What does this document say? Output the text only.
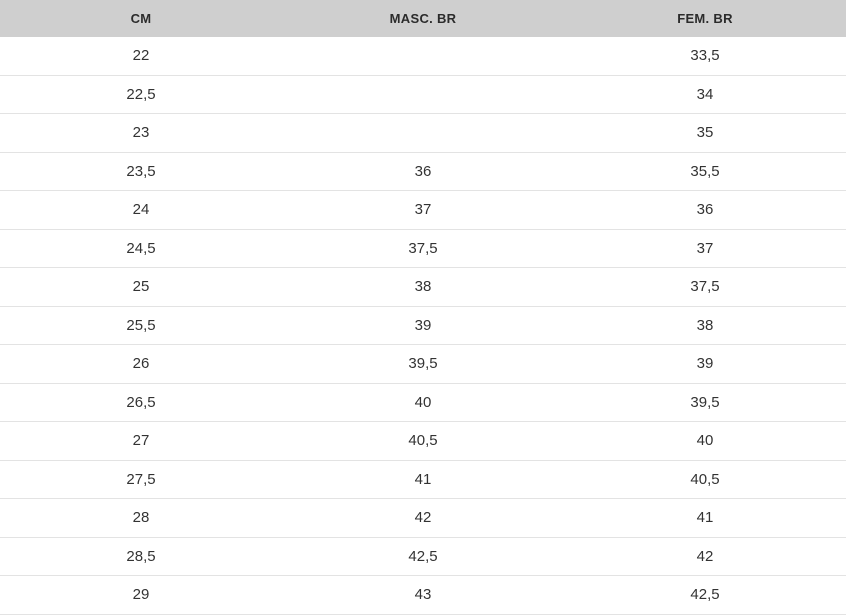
CM	MASC. BR	FEM. BR
22		33,5
22,5		34
23		35
23,5	36	35,5
24	37	36
24,5	37,5	37
25	38	37,5
25,5	39	38
26	39,5	39
26,5	40	39,5
27	40,5	40
27,5	41	40,5
28	42	41
28,5	42,5	42
29	43	42,5
